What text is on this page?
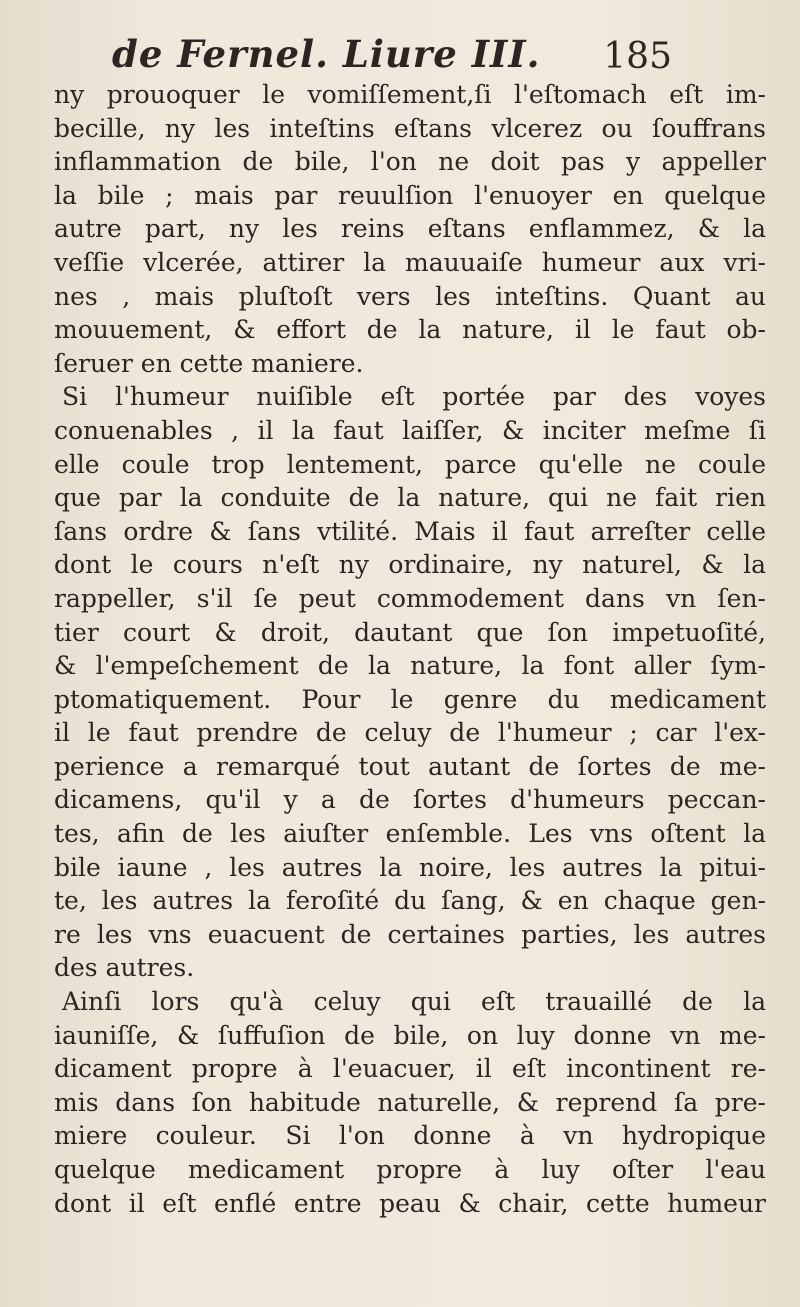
de Fernel. Liure III. 185
ny prouoquer le vomiſſement,ſi l'eſtomach eſt im-
becille, ny les inteſtins eſtans vlcerez ou ſouffrans
inflammation de bile, l'on ne doit pas y appeller
la bile ; mais par reuulſion l'enuoyer en quelque
autre part, ny les reins eſtans enflammez, & la
veſſie vlcerée, attirer la mauuaiſe humeur aux vri-
nes , mais pluſtoſt vers les inteſtins. Quant au
mouuement, & effort de la nature, il le faut ob-
ſeruer en cette maniere.
Si l'humeur nuiſible eſt portée par des voyes
conuenables , il la faut laiſſer, & inciter meſme ſi
elle coule trop lentement, parce qu'elle ne coule
que par la conduite de la nature, qui ne fait rien
ſans ordre & ſans vtilité. Mais il faut arreſter celle
dont le cours n'eſt ny ordinaire, ny naturel, & la
rappeller, s'il ſe peut commodement dans vn ſen-
tier court & droit, dautant que ſon impetuoſité,
& l'empeſchement de la nature, la font aller ſym-
ptomatiquement. Pour le genre du medicament
il le faut prendre de celuy de l'humeur ; car l'ex-
perience a remarqué tout autant de ſortes de me-
dicamens, qu'il y a de ſortes d'humeurs peccan-
tes, afin de les aiuſter enſemble. Les vns oſtent la
bile iaune , les autres la noire, les autres la pitui-
te, les autres la feroſité du ſang, & en chaque gen-
re les vns euacuent de certaines parties, les autres
des autres.
Ainſi lors qu'à celuy qui eſt trauaillé de la
iauniſſe, & ſuffuſion de bile, on luy donne vn me-
dicament propre à l'euacuer, il eſt incontinent re-
mis dans ſon habitude naturelle, & reprend ſa pre-
miere couleur. Si l'on donne à vn hydropique
quelque medicament propre à luy oſter l'eau
dont il eſt enflé entre peau & chair, cette humeur
